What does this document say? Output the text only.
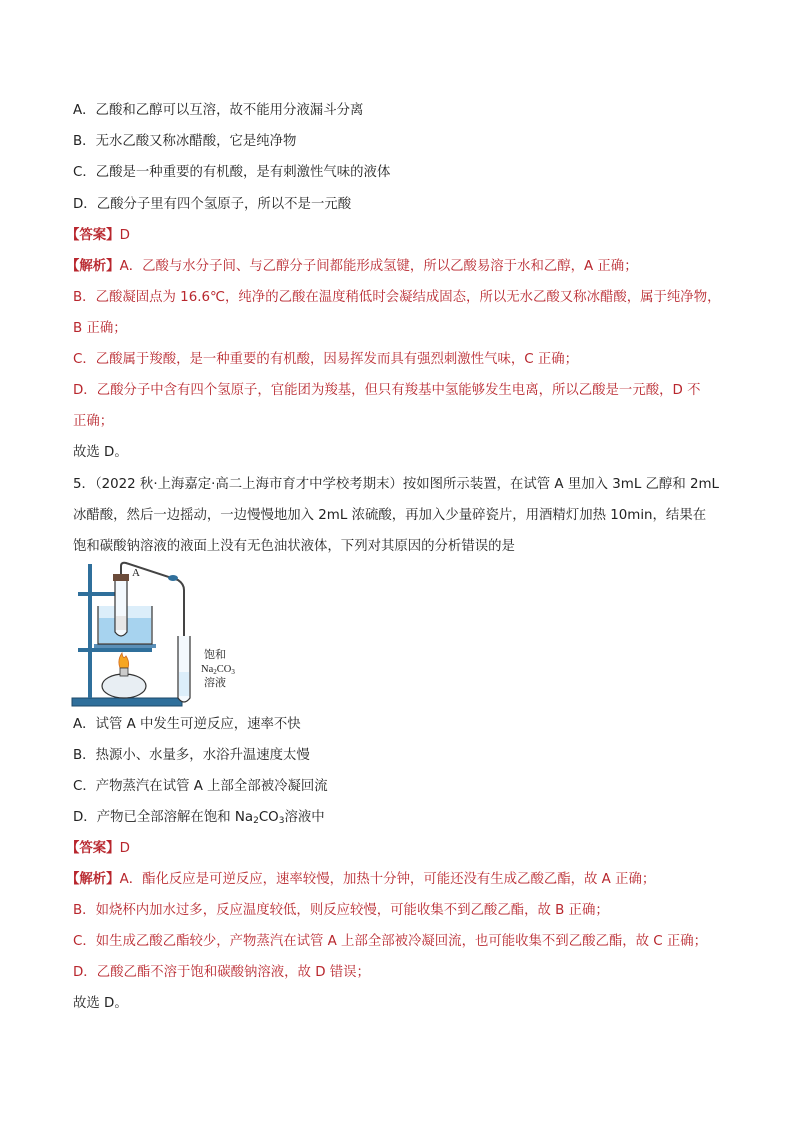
A．乙酸和乙醇可以互溶，故不能用分液漏斗分离
B．无水乙酸又称冰醋酸，它是纯净物
C．乙酸是一种重要的有机酸，是有刺激性气味的液体
D．乙酸分子里有四个氢原子，所以不是一元酸
【答案】D
【解析】A．乙酸与水分子间、与乙醇分子间都能形成氢键，所以乙酸易溶于水和乙醇，A 正确；
B．乙酸凝固点为 16.6℃，纯净的乙酸在温度稍低时会凝结成固态，所以无水乙酸又称冰醋酸，属于纯净物，
B 正确；
C．乙酸属于羧酸，是一种重要的有机酸，因易挥发而具有强烈刺激性气味，C 正确；
D．乙酸分子中含有四个氢原子，官能团为羧基，但只有羧基中氢能够发生电离，所以乙酸是一元酸，D 不
正确；
故选 D。
5．（2022 秋·上海嘉定·高二上海市育才中学校考期末）按如图所示装置，在试管 A 里加入 3mL 乙醇和 2mL
冰醋酸，然后一边摇动，一边慢慢地加入 2mL 浓硫酸，再加入少量碎瓷片，用酒精灯加热 10min，结果在
饱和碳酸钠溶液的液面上没有无色油状液体，下列对其原因的分析错误的是
A
饱和
Na2CO3
溶液
A．试管 A 中发生可逆反应，速率不快
B．热源小、水量多，水浴升温速度太慢
C．产物蒸汽在试管 A 上部全部被冷凝回流
D．产物已全部溶解在饱和 $Na_2CO_3$溶液中
【答案】D
【解析】A．酯化反应是可逆反应，速率较慢，加热十分钟，可能还没有生成乙酸乙酯，故 A 正确；
B．如烧杯内加水过多，反应温度较低，则反应较慢，可能收集不到乙酸乙酯，故 B 正确；
C．如生成乙酸乙酯较少，产物蒸汽在试管 A 上部全部被冷凝回流，也可能收集不到乙酸乙酯，故 C 正确；
D．乙酸乙酯不溶于饱和碳酸钠溶液，故 D 错误；
故选 D。
